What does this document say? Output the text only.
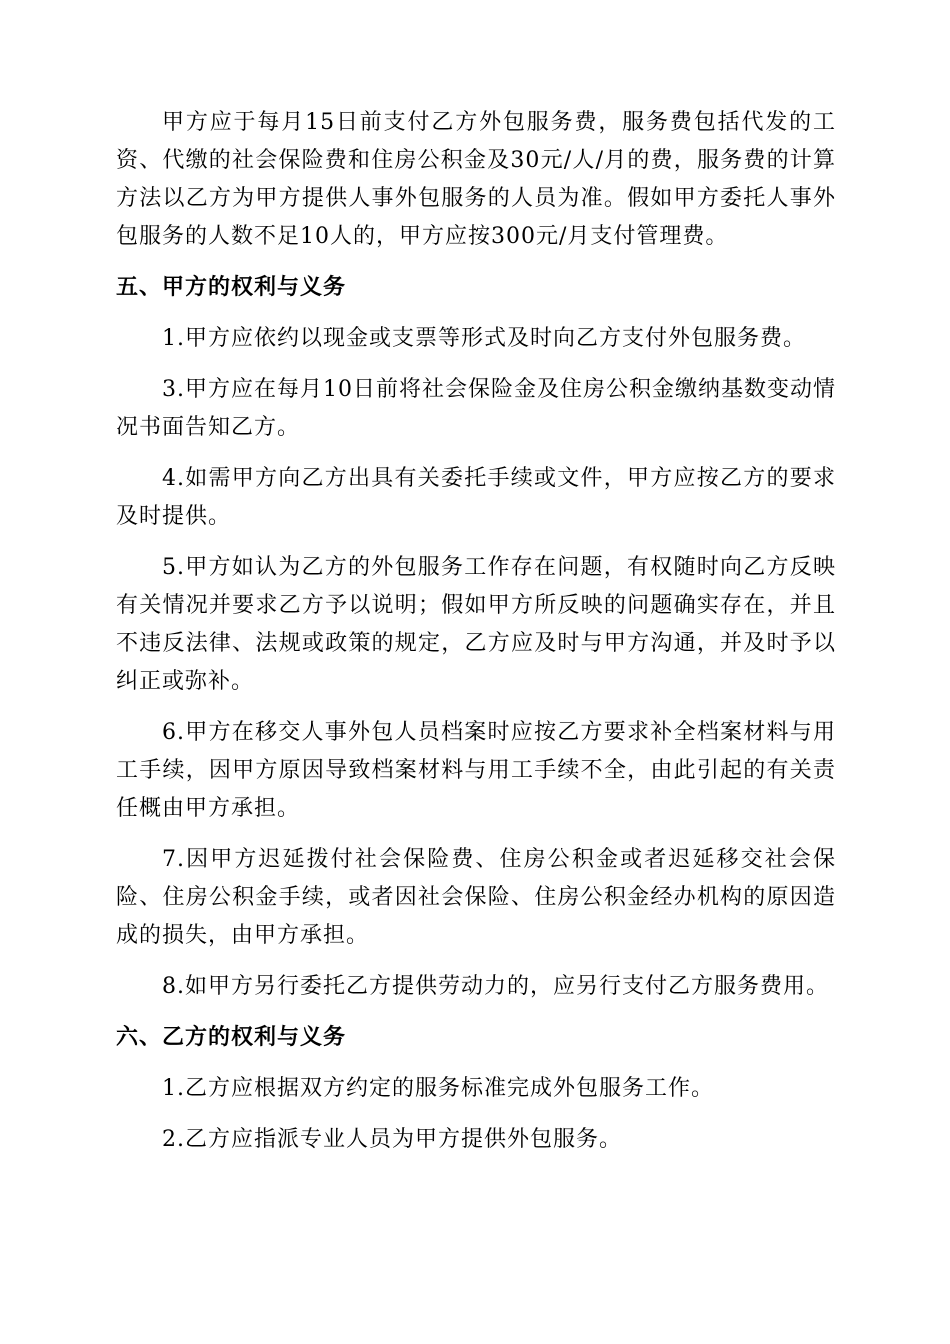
甲方应于每月15日前支付乙方外包服务费，服务费包括代发的工资、代缴的社会保险费和住房公积金及30元/人/月的费，服务费的计算方法以乙方为甲方提供人事外包服务的人员为准。假如甲方委托人事外包服务的人数不足10人的，甲方应按300元/月支付管理费。

五、甲方的权利与义务

1.甲方应依约以现金或支票等形式及时向乙方支付外包服务费。

3.甲方应在每月10日前将社会保险金及住房公积金缴纳基数变动情况书面告知乙方。

4.如需甲方向乙方出具有关委托手续或文件，甲方应按乙方的要求及时提供。

5.甲方如认为乙方的外包服务工作存在问题，有权随时向乙方反映有关情况并要求乙方予以说明；假如甲方所反映的问题确实存在，并且不违反法律、法规或政策的规定，乙方应及时与甲方沟通，并及时予以纠正或弥补。

6.甲方在移交人事外包人员档案时应按乙方要求补全档案材料与用工手续，因甲方原因导致档案材料与用工手续不全，由此引起的有关责任概由甲方承担。

7.因甲方迟延拨付社会保险费、住房公积金或者迟延移交社会保险、住房公积金手续，或者因社会保险、住房公积金经办机构的原因造成的损失，由甲方承担。

8.如甲方另行委托乙方提供劳动力的，应另行支付乙方服务费用。

六、乙方的权利与义务

1.乙方应根据双方约定的服务标准完成外包服务工作。

2.乙方应指派专业人员为甲方提供外包服务。
